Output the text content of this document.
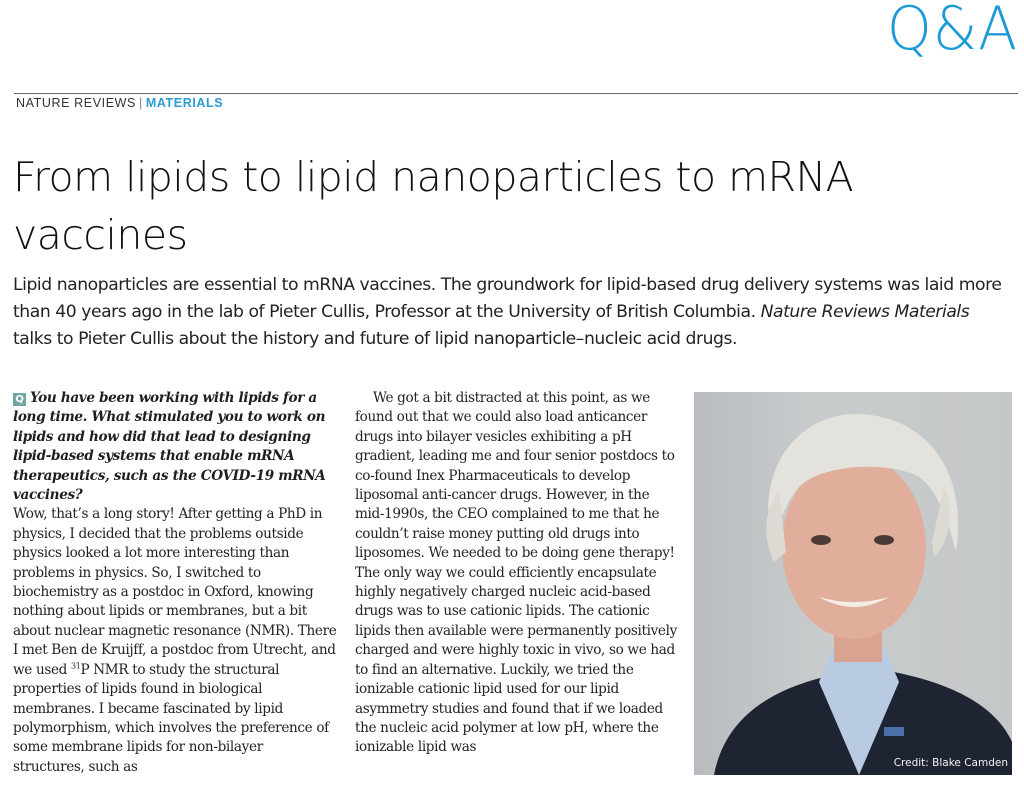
Q&A
NATURE REVIEWS | MATERIALS
From lipids to lipid nanoparticles to mRNA vaccines

Lipid nanoparticles are essential to mRNA vaccines. The groundwork for lipid-based drug delivery systems was laid more than 40 years ago in the lab of Pieter Cullis, Professor at the University of British Columbia. Nature Reviews Materials talks to Pieter Cullis about the history and future of lipid nanoparticle–nucleic acid drugs.

Q You have been working with lipids for a long time. What stimulated you to work on lipids and how did that lead to designing lipid-based systems that enable mRNA therapeutics, such as the COVID-19 mRNA vaccines?

Wow, that’s a long story! After getting a PhD in physics, I decided that the problems outside physics looked a lot more interesting than problems in physics. So, I switched to biochemistry as a postdoc in Oxford, knowing nothing about lipids or membranes, but a bit about nuclear magnetic resonance (NMR). There I met Ben de Kruijff, a postdoc from Utrecht, and we used $^{31}$P NMR to study the structural properties of lipids found in biological membranes. I became fascinated by lipid polymorphism, which involves the preference of some membrane lipids for non-bilayer structures, such as

We got a bit distracted at this point, as we found out that we could also load anticancer drugs into bilayer vesicles exhibiting a pH gradient, leading me and four senior postdocs to co-found Inex Pharmaceuticals to develop liposomal anti-cancer drugs. However, in the mid-1990s, the CEO complained to me that he couldn’t raise money putting old drugs into liposomes. We needed to be doing gene therapy! The only way we could efficiently encapsulate highly negatively charged nucleic acid-based drugs was to use cationic lipids. The cationic lipids then available were permanently positively charged and were highly toxic in vivo, so we had to find an alternative. Luckily, we tried the ionizable cationic lipid used for our lipid asymmetry studies and found that if we loaded the nucleic acid polymer at low pH, where the ionizable lipid was

Credit: Blake Camden
